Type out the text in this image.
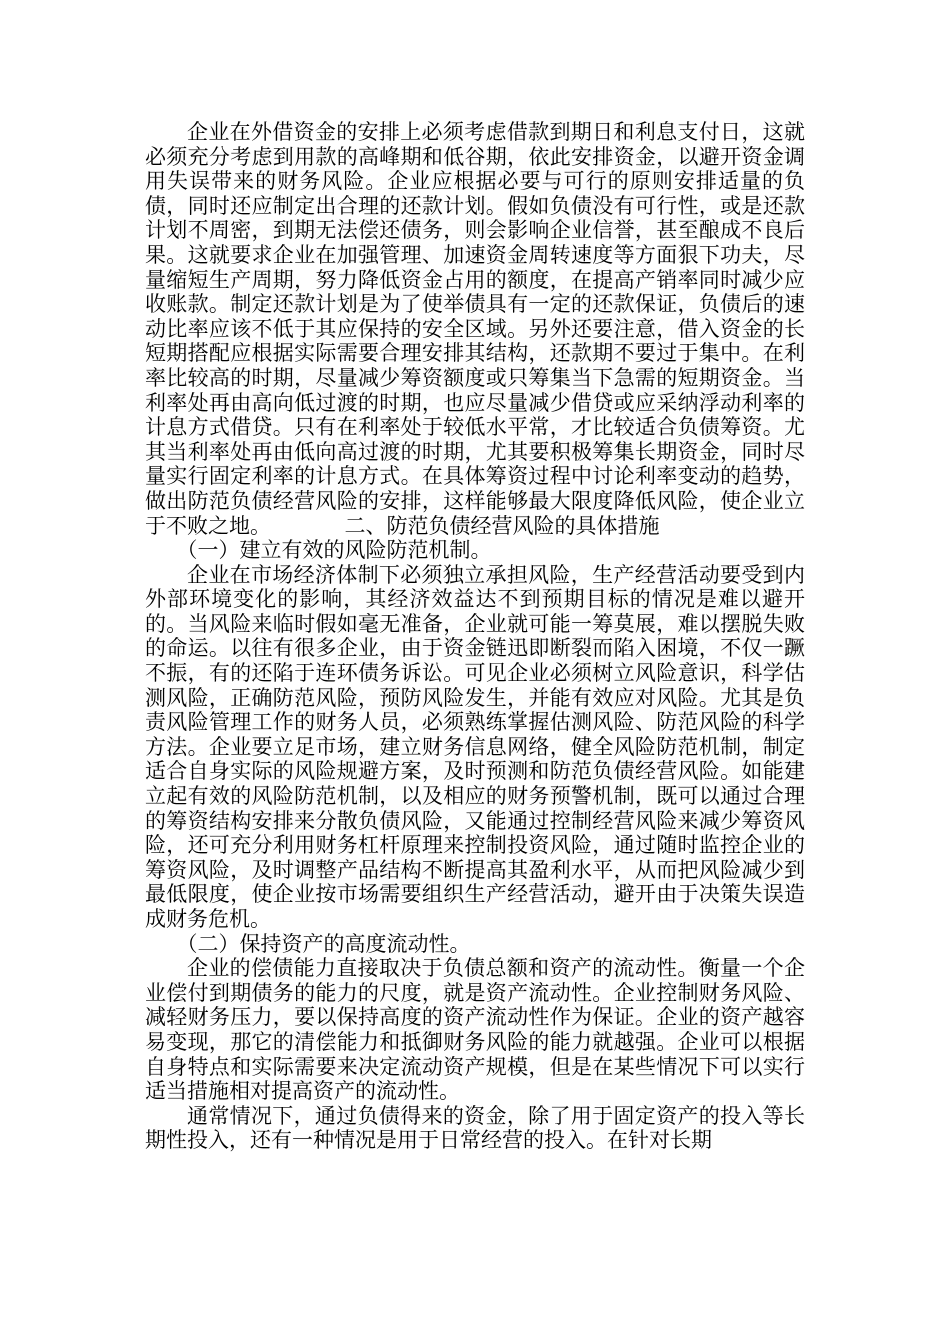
企业在外借资金的安排上必须考虑借款到期日和利息支付日，这就必须充分考虑到用款的高峰期和低谷期，依此安排资金，以避开资金调用失误带来的财务风险。企业应根据必要与可行的原则安排适量的负债，同时还应制定出合理的还款计划。假如负债没有可行性，或是还款计划不周密，到期无法偿还债务，则会影响企业信誉，甚至酿成不良后果。这就要求企业在加强管理、加速资金周转速度等方面狠下功夫，尽量缩短生产周期，努力降低资金占用的额度，在提高产销率同时减少应收账款。制定还款计划是为了使举债具有一定的还款保证，负债后的速动比率应该不低于其应保持的安全区域。另外还要注意，借入资金的长短期搭配应根据实际需要合理安排其结构，还款期不要过于集中。在利率比较高的时期，尽量减少筹资额度或只筹集当下急需的短期资金。当利率处再由高向低过渡的时期，也应尽量减少借贷或应采纳浮动利率的计息方式借贷。只有在利率处于较低水平常，才比较适合负债筹资。尤其当利率处再由低向高过渡的时期，尤其要积极筹集长期资金，同时尽量实行固定利率的计息方式。在具体筹资过程中讨论利率变动的趋势，做出防范负债经营风险的安排，这样能够最大限度降低风险，使企业立于不败之地。	二、防范负债经营风险的具体措施

（一）建立有效的风险防范机制。

企业在市场经济体制下必须独立承担风险，生产经营活动要受到内外部环境变化的影响，其经济效益达不到预期目标的情况是难以避开的。当风险来临时假如毫无准备，企业就可能一筹莫展，难以摆脱失败的命运。以往有很多企业，由于资金链迅即断裂而陷入困境，不仅一蹶不振，有的还陷于连环债务诉讼。可见企业必须树立风险意识，科学估测风险，正确防范风险，预防风险发生，并能有效应对风险。尤其是负责风险管理工作的财务人员，必须熟练掌握估测风险、防范风险的科学方法。企业要立足市场，建立财务信息网络，健全风险防范机制，制定适合自身实际的风险规避方案，及时预测和防范负债经营风险。如能建立起有效的风险防范机制，以及相应的财务预警机制，既可以通过合理的筹资结构安排来分散负债风险，又能通过控制经营风险来减少筹资风险，还可充分利用财务杠杆原理来控制投资风险，通过随时监控企业的筹资风险，及时调整产品结构不断提高其盈利水平，从而把风险减少到最低限度，使企业按市场需要组织生产经营活动，避开由于决策失误造成财务危机。

（二）保持资产的高度流动性。

企业的偿债能力直接取决于负债总额和资产的流动性。衡量一个企业偿付到期债务的能力的尺度，就是资产流动性。企业控制财务风险、减轻财务压力，要以保持高度的资产流动性作为保证。企业的资产越容易变现，那它的清偿能力和抵御财务风险的能力就越强。企业可以根据自身特点和实际需要来决定流动资产规模，但是在某些情况下可以实行适当措施相对提高资产的流动性。

通常情况下，通过负债得来的资金，除了用于固定资产的投入等长期性投入，还有一种情况是用于日常经营的投入。在针对长期
